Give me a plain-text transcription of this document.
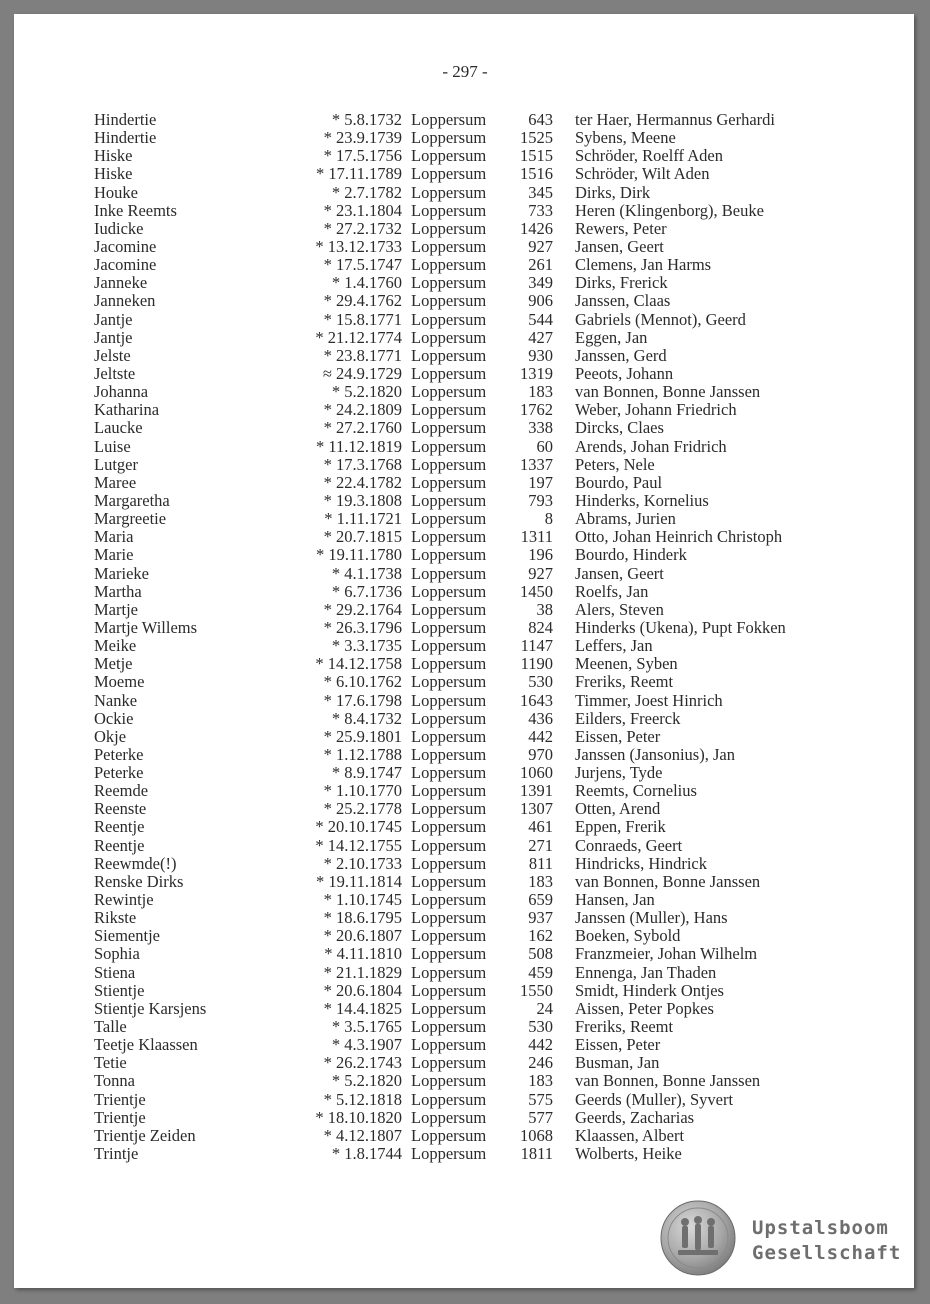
- 297 -
Hindertie	* 5.8.1732 Loppersum	643 ter Haer, Hermannus Gerhardi
Hindertie	* 23.9.1739 Loppersum 1525 Sybens, Meene
Hiske	* 17.5.1756 Loppersum 1515 Schröder, Roelff Aden
Hiske	* 17.11.1789 Loppersum 1516 Schröder, Wilt Aden
Houke	* 2.7.1782 Loppersum	345 Dirks, Dirk
Inke Reemts	* 23.1.1804 Loppersum	733 Heren (Klingenborg), Beuke
Iudicke	* 27.2.1732 Loppersum 1426 Rewers, Peter
Jacomine	* 13.12.1733 Loppersum	927 Jansen, Geert
Jacomine	* 17.5.1747 Loppersum	261 Clemens, Jan Harms
Janneke	* 1.4.1760 Loppersum	349 Dirks, Frerick
Janneken	* 29.4.1762 Loppersum	906 Janssen, Claas
Jantje	* 15.8.1771 Loppersum	544 Gabriels (Mennot), Geerd
Jantje	* 21.12.1774 Loppersum	427 Eggen, Jan
Jelste	* 23.8.1771 Loppersum	930 Janssen, Gerd
Jeltste	≈ 24.9.1729 Loppersum 1319 Peeots, Johann
Johanna	* 5.2.1820 Loppersum	183 van Bonnen, Bonne Janssen
Katharina	* 24.2.1809 Loppersum 1762 Weber, Johann Friedrich
Laucke	* 27.2.1760 Loppersum	338 Dircks, Claes
Luise	* 11.12.1819 Loppersum	60 Arends, Johan Fridrich
Lutger	* 17.3.1768 Loppersum 1337 Peters, Nele
Maree	* 22.4.1782 Loppersum	197 Bourdo, Paul
Margaretha	* 19.3.1808 Loppersum	793 Hinderks, Kornelius
Margreetie	* 1.11.1721 Loppersum	8 Abrams, Jurien
Maria	* 20.7.1815 Loppersum 1311 Otto, Johan Heinrich Christoph
Marie	* 19.11.1780 Loppersum	196 Bourdo, Hinderk
Marieke	* 4.1.1738 Loppersum	927 Jansen, Geert
Martha	* 6.7.1736 Loppersum 1450 Roelfs, Jan
Martje	* 29.2.1764 Loppersum	38 Alers, Steven
Martje Willems	* 26.3.1796 Loppersum	824 Hinderks (Ukena), Pupt Fokken
Meike	* 3.3.1735 Loppersum 1147 Leffers, Jan
Metje	* 14.12.1758 Loppersum 1190 Meenen, Syben
Moeme	* 6.10.1762 Loppersum	530 Freriks, Reemt
Nanke	* 17.6.1798 Loppersum 1643 Timmer, Joest Hinrich
Ockie	* 8.4.1732 Loppersum	436 Eilders, Freerck
Okje	* 25.9.1801 Loppersum	442 Eissen, Peter
Peterke	* 1.12.1788 Loppersum	970 Janssen (Jansonius), Jan
Peterke	* 8.9.1747 Loppersum 1060 Jurjens, Tyde
Reemde	* 1.10.1770 Loppersum 1391 Reemts, Cornelius
Reenste	* 25.2.1778 Loppersum 1307 Otten, Arend
Reentje	* 20.10.1745 Loppersum	461 Eppen, Frerik
Reentje	* 14.12.1755 Loppersum	271 Conraeds, Geert
Reewmde(!)	* 2.10.1733 Loppersum	811 Hindricks, Hindrick
Renske Dirks	* 19.11.1814 Loppersum	183 van Bonnen, Bonne Janssen
Rewintje	* 1.10.1745 Loppersum	659 Hansen, Jan
Rikste	* 18.6.1795 Loppersum	937 Janssen (Muller), Hans
Siementje	* 20.6.1807 Loppersum	162 Boeken, Sybold
Sophia	* 4.11.1810 Loppersum	508 Franzmeier, Johan Wilhelm
Stiena	* 21.1.1829 Loppersum	459 Ennenga, Jan Thaden
Stientje	* 20.6.1804 Loppersum 1550 Smidt, Hinderk Ontjes
Stientje Karsjens	* 14.4.1825 Loppersum	24 Aissen, Peter Popkes
Talle	* 3.5.1765 Loppersum	530 Freriks, Reemt
Teetje Klaassen	* 4.3.1907 Loppersum	442 Eissen, Peter
Tetie	* 26.2.1743 Loppersum	246 Busman, Jan
Tonna	* 5.2.1820 Loppersum	183 van Bonnen, Bonne Janssen
Trientje	* 5.12.1818 Loppersum	575 Geerds (Muller), Syvert
Trientje	* 18.10.1820 Loppersum	577 Geerds, Zacharias
Trientje Zeiden	* 4.12.1807 Loppersum 1068 Klaassen, Albert
Trintje	* 1.8.1744 Loppersum 1811 Wolberts, Heike
Upstalsboom
Gesellschaft
